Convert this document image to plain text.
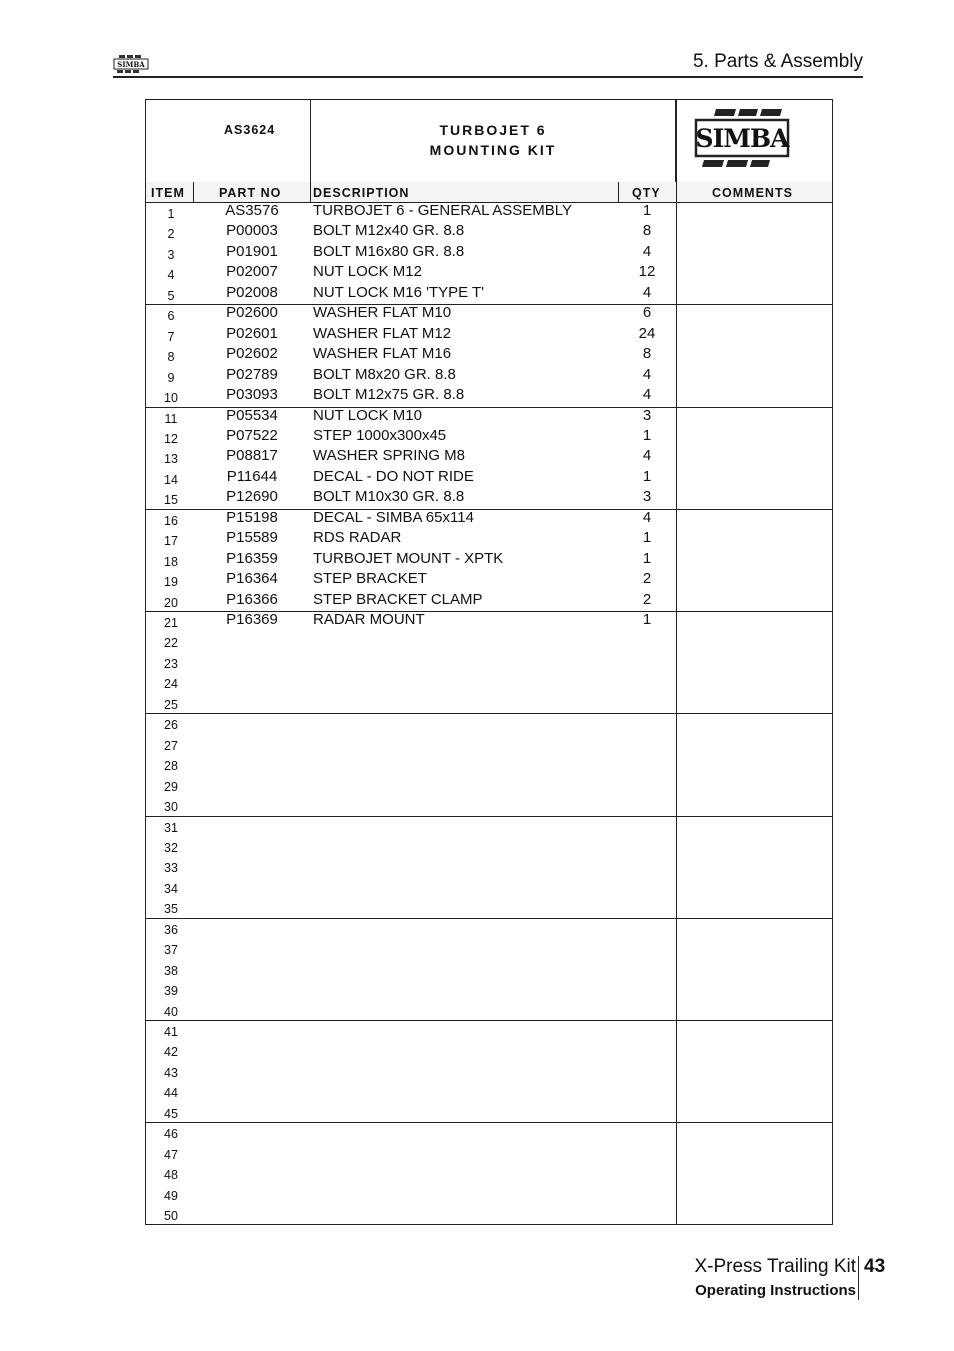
SIMBA	5. Parts & Assembly
AS3624	TURBOJET 6
MOUNTING KIT	SIMBA
ITEM	PART NO	DESCRIPTION	QTY	COMMENTS
1	AS3576	TURBOJET 6 - GENERAL ASSEMBLY	1
2	P00003	BOLT M12x40 GR. 8.8	8
3	P01901	BOLT M16x80 GR. 8.8	4
4	P02007	NUT LOCK M12	12
5	P02008	NUT LOCK M16 'TYPE T'	4
6	P02600	WASHER FLAT M10	6
7	P02601	WASHER FLAT M12	24
8	P02602	WASHER FLAT M16	8
9	P02789	BOLT M8x20 GR. 8.8	4
10	P03093	BOLT M12x75 GR. 8.8	4
11	P05534	NUT LOCK M10	3
12	P07522	STEP 1000x300x45	1
13	P08817	WASHER SPRING M8	4
14	P11644	DECAL - DO NOT RIDE	1
15	P12690	BOLT M10x30 GR. 8.8	3
16	P15198	DECAL - SIMBA 65x114	4
17	P15589	RDS RADAR	1
18	P16359	TURBOJET MOUNT - XPTK	1
19	P16364	STEP BRACKET	2
20	P16366	STEP BRACKET CLAMP	2
21	P16369	RADAR MOUNT	1
22
23
24
25
26
27
28
29
30
31
32
33
34
35
36
37
38
39
40
41
42
43
44
45
46
47
48
49
50
X-Press Trailing Kit 43
Operating Instructions
